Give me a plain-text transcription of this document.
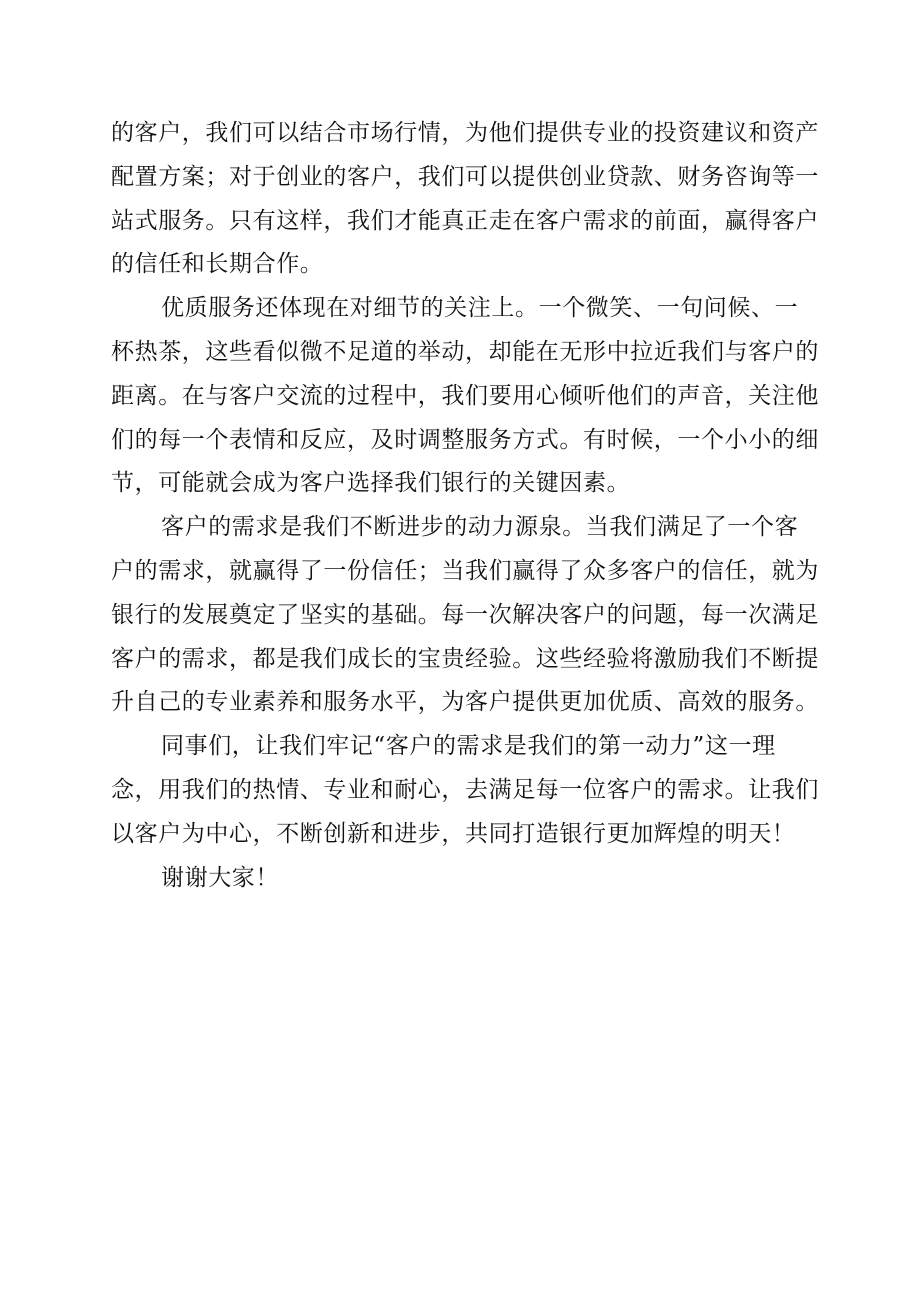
的客户，我们可以结合市场行情，为他们提供专业的投资建议和资产
配置方案；对于创业的客户，我们可以提供创业贷款、财务咨询等一
站式服务。只有这样，我们才能真正走在客户需求的前面，赢得客户
的信任和长期合作。
优质服务还体现在对细节的关注上。一个微笑、一句问候、一
杯热茶，这些看似微不足道的举动，却能在无形中拉近我们与客户的
距离。在与客户交流的过程中，我们要用心倾听他们的声音，关注他
们的每一个表情和反应，及时调整服务方式。有时候，一个小小的细
节，可能就会成为客户选择我们银行的关键因素。
客户的需求是我们不断进步的动力源泉。当我们满足了一个客
户的需求，就赢得了一份信任；当我们赢得了众多客户的信任，就为
银行的发展奠定了坚实的基础。每一次解决客户的问题，每一次满足
客户的需求，都是我们成长的宝贵经验。这些经验将激励我们不断提
升自己的专业素养和服务水平，为客户提供更加优质、高效的服务。
同事们，让我们牢记“客户的需求是我们的第一动力”这一理
念，用我们的热情、专业和耐心，去满足每一位客户的需求。让我们
以客户为中心，不断创新和进步，共同打造银行更加辉煌的明天！
谢谢大家！
